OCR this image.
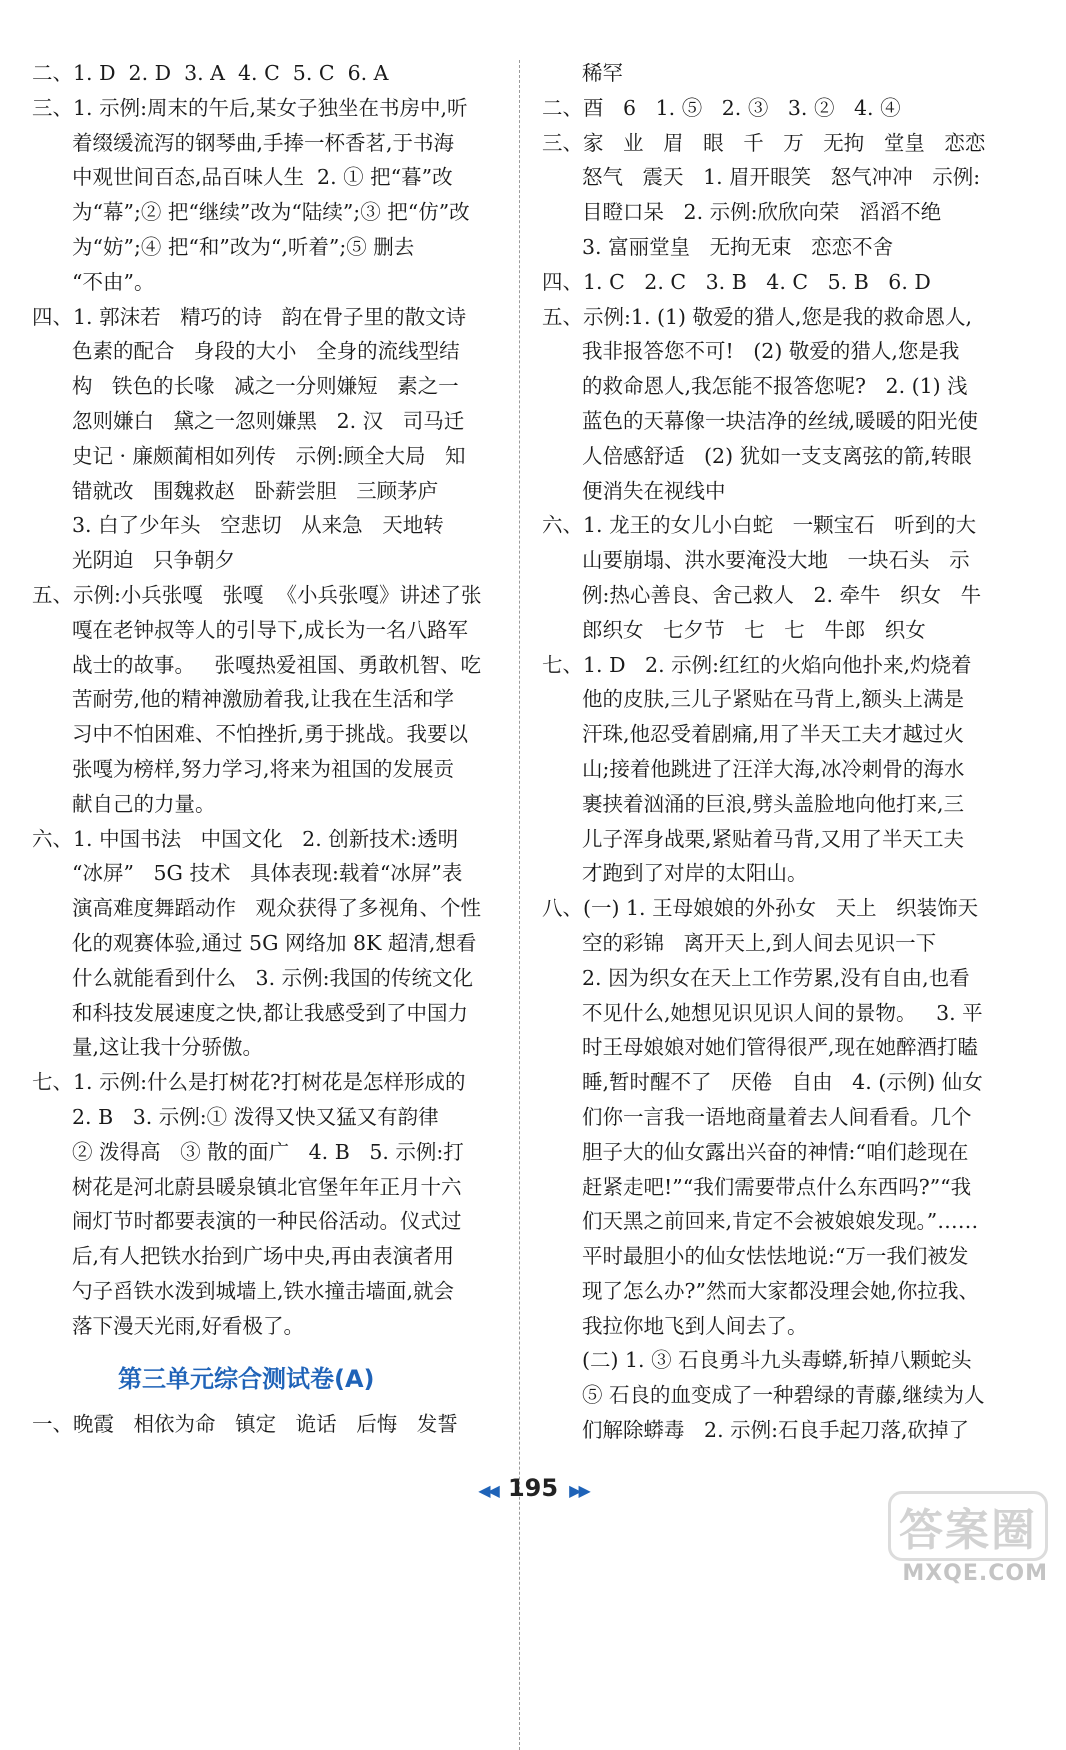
二、1. D  2. D  3. A  4. C  5. C  6. A
三、1. 示例:周末的午后,某女子独坐在书房中,听
着缀缓流泻的钢琴曲,手捧一杯香茗,于书海
中观世间百态,品百味人生  2. ① 把“暮”改
为“幕”;② 把“继续”改为“陆续”;③ 把“仿”改
为“妨”;④ 把“和”改为“,听着”;⑤ 删去
“不由”。
四、1. 郭沫若   精巧的诗   韵在骨子里的散文诗
色素的配合   身段的大小   全身的流线型结
构   铁色的长喙   减之一分则嫌短   素之一
忽则嫌白   黛之一忽则嫌黑   2. 汉   司马迁
史记 · 廉颇蔺相如列传   示例:顾全大局   知
错就改   围魏救赵   卧薪尝胆   三顾茅庐
3. 白了少年头   空悲切   从来急   天地转
光阴迫   只争朝夕
五、示例:小兵张嘎   张嘎  《小兵张嘎》讲述了张
嘎在老钟叔等人的引导下,成长为一名八路军
战士的故事。   张嘎热爱祖国、勇敢机智、吃
苦耐劳,他的精神激励着我,让我在生活和学
习中不怕困难、不怕挫折,勇于挑战。我要以
张嘎为榜样,努力学习,将来为祖国的发展贡
献自己的力量。
六、1. 中国书法   中国文化   2. 创新技术:透明
“冰屏”   5G 技术   具体表现:载着“冰屏”表
演高难度舞蹈动作   观众获得了多视角、个性
化的观赛体验,通过 5G 网络加 8K 超清,想看
什么就能看到什么   3. 示例:我国的传统文化
和科技发展速度之快,都让我感受到了中国力
量,这让我十分骄傲。
七、1. 示例:什么是打树花?打树花是怎样形成的
2. B   3. 示例:① 泼得又快又猛又有韵律
② 泼得高   ③ 散的面广   4. B   5. 示例:打
树花是河北蔚县暖泉镇北官堡年年正月十六
闹灯节时都要表演的一种民俗活动。仪式过
后,有人把铁水抬到广场中央,再由表演者用
勺子舀铁水泼到城墙上,铁水撞击墙面,就会
落下漫天光雨,好看极了。
第三单元综合测试卷(A)
一、晚霞   相依为命   镇定   诡话   后悔   发誓
稀罕
二、酉   6   1. ⑤   2. ③   3. ②   4. ④
三、家   业   眉   眼   千   万   无拘   堂皇   恋恋
怒气   震天   1. 眉开眼笑   怒气冲冲   示例:
目瞪口呆   2. 示例:欣欣向荣   滔滔不绝
3. 富丽堂皇   无拘无束   恋恋不舍
四、1. C   2. C   3. B   4. C   5. B   6. D
五、示例:1. (1) 敬爱的猎人,您是我的救命恩人,
我非报答您不可!   (2) 敬爱的猎人,您是我
的救命恩人,我怎能不报答您呢?   2. (1) 浅
蓝色的天幕像一块洁净的丝绒,暖暖的阳光使
人倍感舒适   (2) 犹如一支支离弦的箭,转眼
便消失在视线中
六、1. 龙王的女儿小白蛇   一颗宝石   听到的大
山要崩塌、洪水要淹没大地   一块石头   示
例:热心善良、舍己救人   2. 牵牛   织女   牛
郎织女   七夕节   七   七   牛郎   织女
七、1. D   2. 示例:红红的火焰向他扑来,灼烧着
他的皮肤,三儿子紧贴在马背上,额头上满是
汗珠,他忍受着剧痛,用了半天工夫才越过火
山;接着他跳进了汪洋大海,冰冷刺骨的海水
裹挟着汹涌的巨浪,劈头盖脸地向他打来,三
儿子浑身战栗,紧贴着马背,又用了半天工夫
才跑到了对岸的太阳山。
八、(一) 1. 王母娘娘的外孙女   天上   织装饰天
空的彩锦   离开天上,到人间去见识一下
2. 因为织女在天上工作劳累,没有自由,也看
不见什么,她想见识见识人间的景物。   3. 平
时王母娘娘对她们管得很严,现在她醉酒打瞌
睡,暂时醒不了   厌倦   自由   4. (示例) 仙女
们你一言我一语地商量着去人间看看。几个
胆子大的仙女露出兴奋的神情:“咱们趁现在
赶紧走吧!”“我们需要带点什么东西吗?”“我
们天黑之前回来,肯定不会被娘娘发现。”……
平时最胆小的仙女怯怯地说:“万一我们被发
现了怎么办?”然而大家都没理会她,你拉我、
我拉你地飞到人间去了。
(二) 1. ③ 石良勇斗九头毒蟒,斩掉八颗蛇头
⑤ 石良的血变成了一种碧绿的青藤,继续为人
们解除蟒毒   2. 示例:石良手起刀落,砍掉了
◀◀ 195 ▶▶
答案圈
MXQE.COM
